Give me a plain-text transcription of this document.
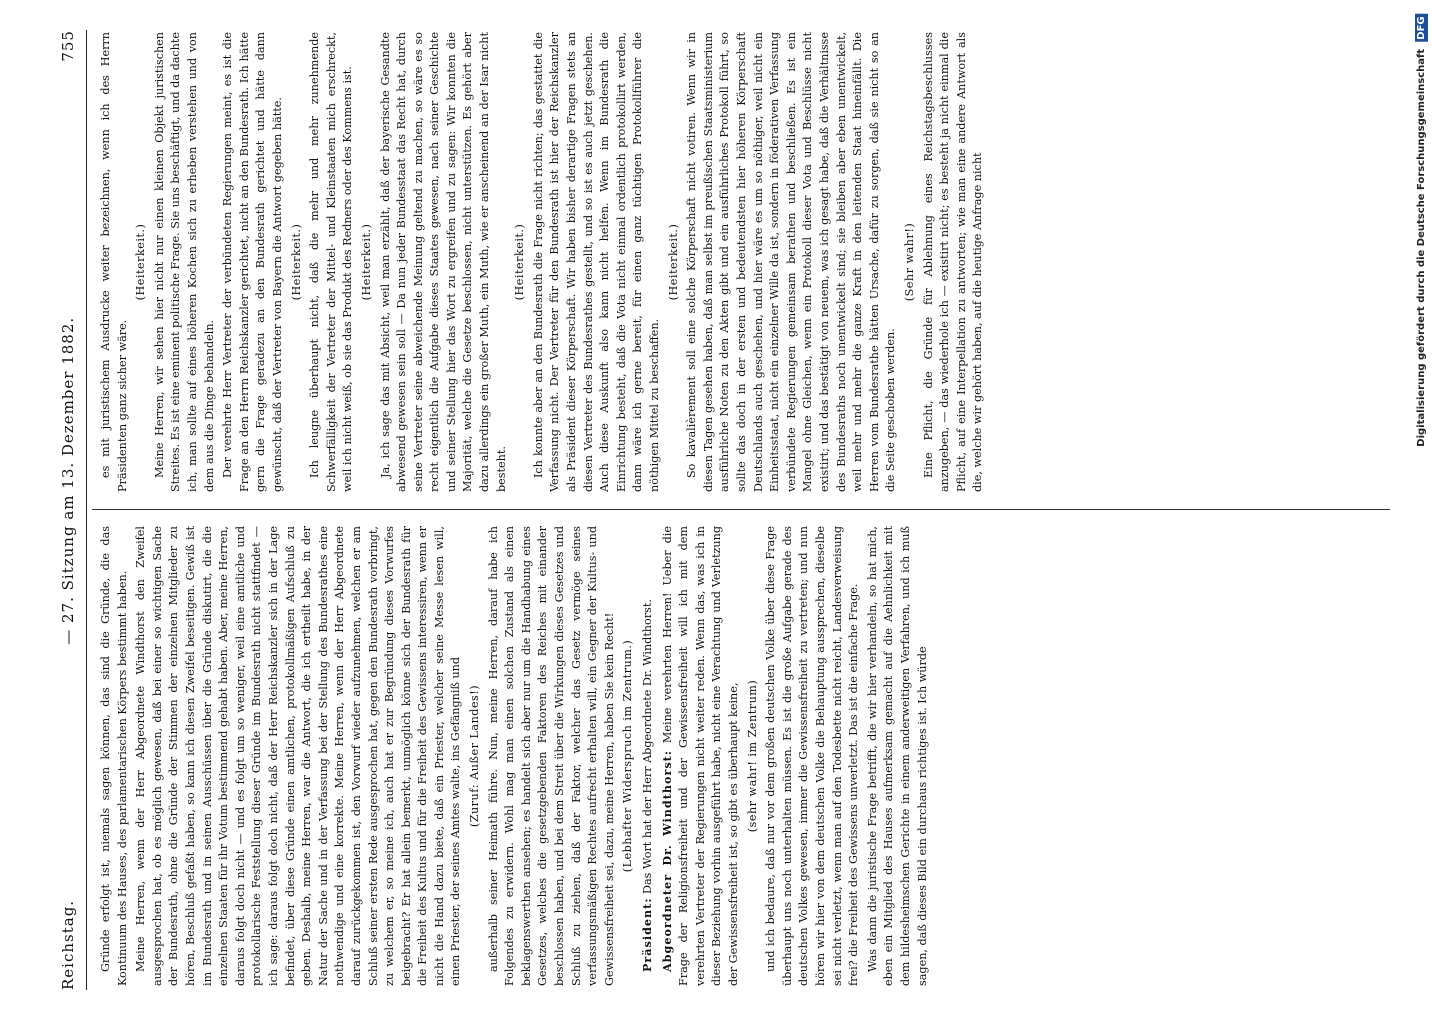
Reichstag.
— 27. Sitzung am 13. Dezember 1882.
755

Gründe erfolgt ist, niemals sagen können, das sind die Gründe, die das Kontinuum des Hauses, des parlamentarischen Körpers bestimmt haben. Meine Herren, wenn der Herr Abgeordnete Windthorst den Zweifel ausgesprochen hat, ob es möglich gewesen, daß bei einer so wichtigen Sache der Bundesrath, ohne die Gründe der Stimmen der einzelnen Mitglieder zu hören, Beschluß gefaßt haben, so kann ich diesen Zweifel beseitigen. Gewiß ist im Bundesrath und in seinen Ausschüssen über die Gründe diskutirt, die die einzelnen Staaten für ihr Votum bestimmend gehabt haben. Aber, meine Herren, daraus folgt doch nicht — und es folgt um so weniger, weil eine amtliche und protokollarische Feststellung dieser Gründe im Bundesrath nicht stattfindet — ich sage: daraus folgt doch nicht, daß der Herr Reichskanzler sich in der Lage befindet, über diese Gründe einen amtlichen, protokollmäßigen Aufschluß zu geben. Deshalb, meine Herren, war die Antwort, die ich ertheilt habe, in der Natur der Sache und in der Verfassung bei der Stellung des Bundesrathes eine nothwendige und eine korrekte. Meine Herren, wenn der Herr Abgeordnete darauf zurückgekommen ist, den Vorwurf wieder aufzunehmen, welchen er am Schluß seiner ersten Rede ausgesprochen hat, gegen den Bundesrath vorbringt, zu welchem er, so meine ich, auch hat er zur Begründung dieses Vorwurfes beigebracht? Er hat allein bemerkt, unmöglich könne sich der Bundesrath für die Freiheit des Kultus und für die Freiheit des Gewissens interessiren, wenn er nicht die Hand dazu biete, daß ein Priester, welcher seine Messe lesen will, einen Priester, der seines Amtes walte, ins Gefängniß und (Zuruf: Außer Landes!) außerhalb seiner Heimath führe. Nun, meine Herren, darauf habe ich Folgendes zu erwidern. Wohl mag man einen solchen Zustand als einen beklagenswerthen ansehen; es handelt sich aber nur um die Handhabung eines Gesetzes, welches die gesetzgebenden Faktoren des Reiches mit einander beschlossen haben, und bei dem Streit über die Wirkungen dieses Gesetzes und Schluß zu ziehen, daß der Faktor, welcher das Gesetz vermöge seines verfassungsmäßigen Rechtes aufrecht erhalten will, ein Gegner der Kultus- und Gewissensfreiheit sei, dazu, meine Herren, haben Sie kein Recht! (Lebhafter Widerspruch im Zentrum.)

Präsident: Das Wort hat der Herr Abgeordnete Dr. Windthorst. Abgeordneter Dr. Windthorst: Meine verehrten Herren! Ueber die Frage der Religionsfreiheit und der Gewissensfreiheit will ich mit dem verehrten Vertreter der Regierungen nicht weiter reden. Wenn das, was ich in dieser Beziehung vorhin ausgeführt habe, nicht eine Verachtung und Verletzung der Gewissensfreiheit ist, so gibt es überhaupt keine, (sehr wahr! im Zentrum) und ich bedaure, daß nur vor dem großen deutschen Volke über diese Frage überhaupt uns noch unterhalten müssen. Es ist die große Aufgabe gerade des deutschen Volkes gewesen, immer die Gewissensfreiheit zu vertreten; und nun hören wir hier von dem deutschen Volke die Behauptung aussprechen, dieselbe sei nicht verletzt, wenn man auf den Todesbette nicht reicht, Landesverweisung frei? die Freiheit des Gewissens unverletzt. Das ist die einfache Frage. Was dann die juristische Frage betrifft, die wir hier verhandeln, so hat mich, eben ein Mitglied des Hauses aufmerksam gemacht auf die Aehnlichkeit mit dem hildesheimschen Gerichte in einem anderweitigen Verfahren, und ich muß sagen, daß dieses Bild ein durchaus richtiges ist. Ich würde

es mit juristischem Ausdrucke weiter bezeichnen, wenn ich des Herrn Präsidenten ganz sicher wäre.

(Heiterkeit.) Meine Herren, wir sehen hier nicht nur einen kleinen Objekt juristischen Streites. Es ist eine eminent politische Frage. Sie uns beschäftigt, und da dachte ich, man sollte auf eines höheren Kochen sich zu erheben verstehen und von dem aus die Dinge behandeln. Der verehrte Herr Vertreter der verbündeten Regierungen meint, es ist die Frage an den Herrn Reichskanzler gerichtet, nicht an den Bundesrath. Ich hätte gern die Frage geradezu an den Bundesrath gerichtet und hätte dann gewünscht, daß der Vertreter von Bayern die Antwort gegeben hätte. (Heiterkeit.) Ich leugne überhaupt nicht, daß die mehr und mehr zunehmende Schwerfälligkeit der Vertreter der Mittel- und Kleinstaaten mich erschreckt, weil ich nicht weiß, ob sie das Produkt des Redners oder des Kommens ist. (Heiterkeit.) Ja, ich sage das mit Absicht, weil man erzählt, daß der bayerische Gesandte abwesend gewesen sein soll — Da nun jeder Bundesstaat das Recht hat, durch seine Vertreter seine abweichende Meinung geltend zu machen, so wäre es so recht eigentlich die Aufgabe dieses Staates gewesen, nach seiner Geschichte und seiner Stellung hier das Wort zu ergreifen und zu sagen: Wir konnten die Majorität, welche die Gesetze beschlossen, nicht unterstützen. Es gehört aber dazu allerdings ein großer Muth, ein Muth, wie er anscheinend an der Isar nicht besteht.

(Heiterkeit.) Ich konnte aber an den Bundesrath die Frage nicht richten; das gestattet die Verfassung nicht. Der Vertreter für den Bundesrath ist hier der Reichskanzler als Präsident dieser Körperschaft. Wir haben bisher derartige Fragen stets an diesen Vertreter des Bundesrathes gestellt, und so ist es auch jetzt geschehen. Auch diese Auskunft also kann nicht helfen. Wenn im Bundesrath die Einrichtung besteht, daß die Vota nicht einmal ordentlich protokollirt werden, dann wäre ich gerne bereit, für einen ganz tüchtigen Protokollführer die nöthigen Mittel zu beschaffen.

(Heiterkeit.) So kavalièrement soll eine solche Körperschaft nicht votiren. Wenn wir in diesen Tagen gesehen haben, daß man selbst im preußischen Staatsministerium ausführliche Noten zu den Akten gibt und ein ausführliches Protokoll führt, so sollte das doch in der ersten und bedeutendsten hier höheren Körperschaft Deutschlands auch geschehen, und hier wäre es um so nöthiger, weil nicht ein Einheitsstaat, nicht ein einzelner Wille da ist, sondern in föderativen Verfassung verbündete Regierungen gemeinsam berathen und beschließen. Es ist ein Mangel ohne Gleichen, wenn ein Protokoll dieser Vota und Beschlüsse nicht existirt; und das bestätigt von neuem, was ich gesagt habe, daß die Verhältnisse des Bundesraths noch unentwickelt sind; sie bleiben aber eben unentwickelt, weil mehr und mehr die ganze Kraft in den leitenden Staat hineinfällt. Die Herren vom Bundesrathe hätten Ursache, dafür zu sorgen, daß sie nicht so an die Seite geschoben werden.

(Sehr wahr!) Eine Pflicht, die Gründe für Ablehnung eines Reichstagsbeschlusses anzugeben, — das wiederhole ich — existirt nicht; es besteht ja nicht einmal die Pflicht, auf eine Interpellation zu antworten; wie man eine andere Antwort als die, welche wir gehört haben, auf die heutige Anfrage nicht	Digitalisierung gefördert durch die Deutsche Forschungsgemeinschaft DFG
